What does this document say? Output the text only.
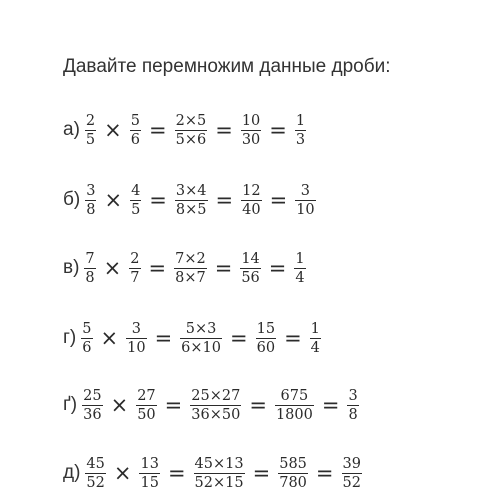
Давайте перемножим данные дроби:
$а) \frac{2}{5} \times \frac{5}{6} = \frac{2\times 5}{5\times 6} = \frac{10}{30} = \frac{1}{3}$
$б) \frac{3}{8} \times \frac{4}{5} = \frac{3\times 4}{8\times 5} = \frac{12}{40} = \frac{3}{10}$
$в) \frac{7}{8} \times \frac{2}{7} = \frac{7\times 2}{8\times 7} = \frac{14}{56} = \frac{1}{4}$
$г) \frac{5}{6} \times \frac{3}{10} = \frac{5\times 3}{6\times 10} = \frac{15}{60} = \frac{1}{4}$
$ґ) \frac{25}{36} \times \frac{27}{50} = \frac{25\times 27}{36\times 50} = \frac{675}{1800} = \frac{3}{8}$
$д) \frac{45}{52} \times \frac{13}{15} = \frac{45\times 13}{52\times 15} = \frac{585}{780} = \frac{39}{52}$
